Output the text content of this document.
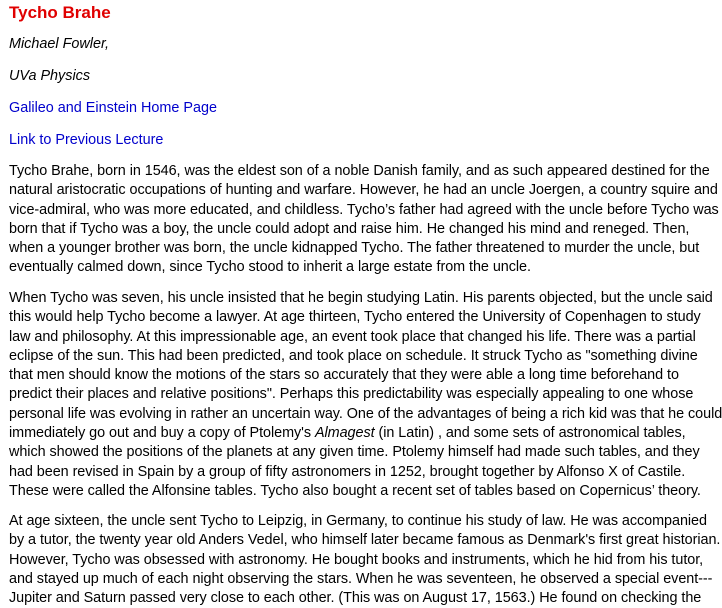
Tycho Brahe

Michael Fowler,

UVa Physics

Galileo and Einstein Home Page
Link to Previous Lecture

Tycho Brahe, born in 1546, was the eldest son of a noble Danish family, and as such appeared destined for the
natural aristocratic occupations of hunting and warfare. However, he had an uncle Joergen, a country squire and
vice-admiral, who was more educated, and childless. Tycho’s father had agreed with the uncle before Tycho was
born that if Tycho was a boy, the uncle could adopt and raise him. He changed his mind and reneged. Then,
when a younger brother was born, the uncle kidnapped Tycho. The father threatened to murder the uncle, but
eventually calmed down, since Tycho stood to inherit a large estate from the uncle.

When Tycho was seven, his uncle insisted that he begin studying Latin. His parents objected, but the uncle said
this would help Tycho become a lawyer. At age thirteen, Tycho entered the University of Copenhagen to study
law and philosophy. At this impressionable age, an event took place that changed his life. There was a partial
eclipse of the sun. This had been predicted, and took place on schedule. It struck Tycho as "something divine
that men should know the motions of the stars so accurately that they were able a long time beforehand to
predict their places and relative positions". Perhaps this predictability was especially appealing to one whose
personal life was evolving in rather an uncertain way. One of the advantages of being a rich kid was that he could
immediately go out and buy a copy of Ptolemy's Almagest (in Latin) , and some sets of astronomical tables,
which showed the positions of the planets at any given time. Ptolemy himself had made such tables, and they
had been revised in Spain by a group of fifty astronomers in 1252, brought together by Alfonso X of Castile.
These were called the Alfonsine tables. Tycho also bought a recent set of tables based on Copernicus’ theory.

At age sixteen, the uncle sent Tycho to Leipzig, in Germany, to continue his study of law. He was accompanied
by a tutor, the twenty year old Anders Vedel, who himself later became famous as Denmark's first great historian.
However, Tycho was obsessed with astronomy. He bought books and instruments, which he hid from his tutor,
and stayed up much of each night observing the stars. When he was seventeen, he observed a special event---
Jupiter and Saturn passed very close to each other. (This was on August 17, 1563.) He found on checking the
